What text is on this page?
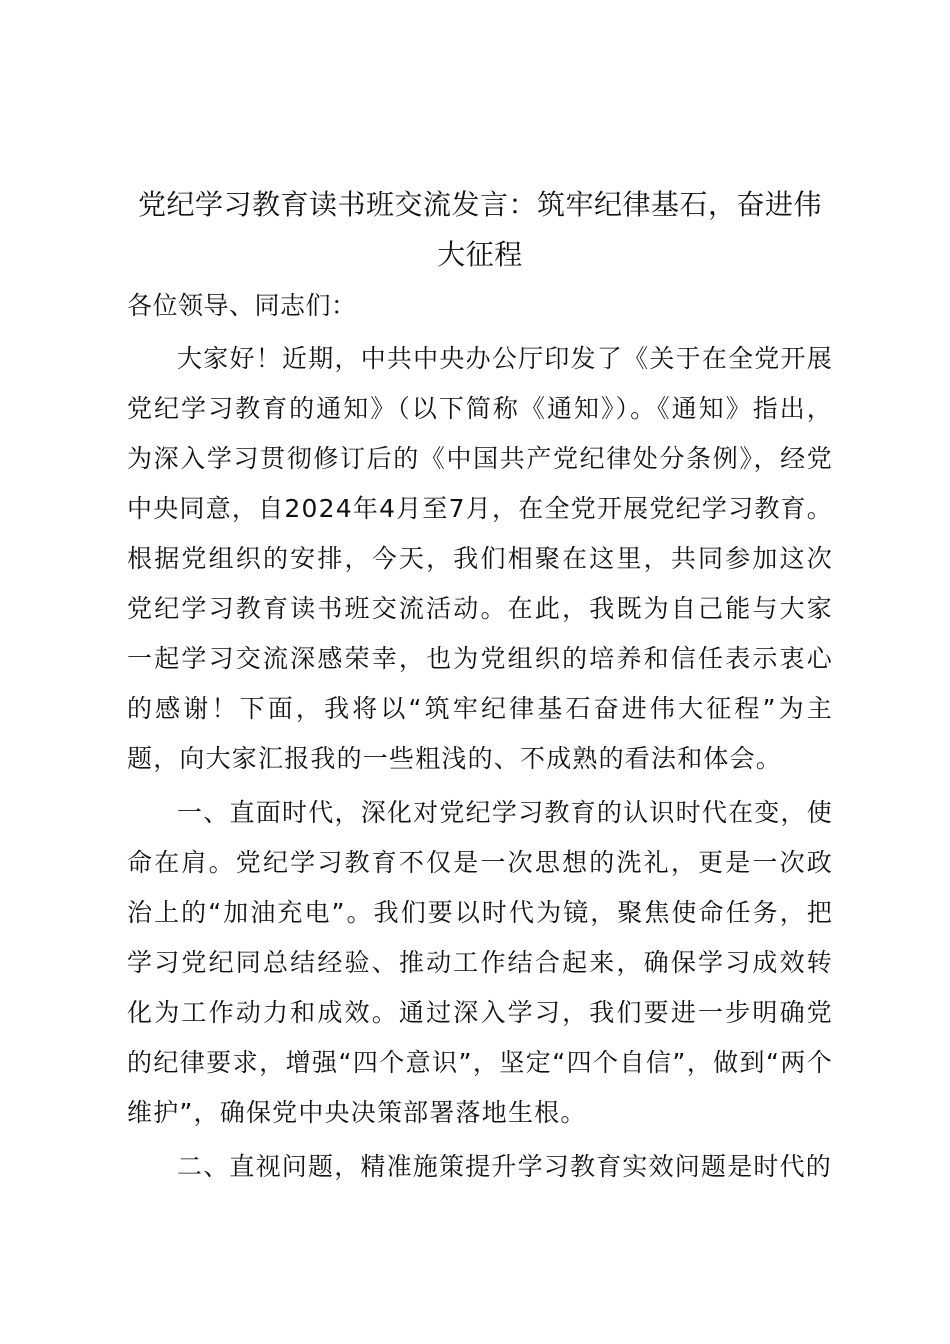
党纪学习教育读书班交流发言：筑牢纪律基石，奋进伟大征程

各位领导、同志们：

大家好！近期，中共中央办公厅印发了《关于在全党开展党纪学习教育的通知》（以下简称《通知》）。《通知》指出，为深入学习贯彻修订后的《中国共产党纪律处分条例》，经党中央同意，自2024年4月至7月，在全党开展党纪学习教育。根据党组织的安排，今天，我们相聚在这里，共同参加这次党纪学习教育读书班交流活动。在此，我既为自己能与大家一起学习交流深感荣幸，也为党组织的培养和信任表示衷心的感谢！下面，我将以“筑牢纪律基石奋进伟大征程”为主题，向大家汇报我的一些粗浅的、不成熟的看法和体会。

一、直面时代，深化对党纪学习教育的认识时代在变，使命在肩。党纪学习教育不仅是一次思想的洗礼，更是一次政治上的“加油充电”。我们要以时代为镜，聚焦使命任务，把学习党纪同总结经验、推动工作结合起来，确保学习成效转化为工作动力和成效。通过深入学习，我们要进一步明确党的纪律要求，增强“四个意识”，坚定“四个自信”，做到“两个维护”，确保党中央决策部署落地生根。

二、直视问题，精准施策提升学习教育实效问题是时代的
